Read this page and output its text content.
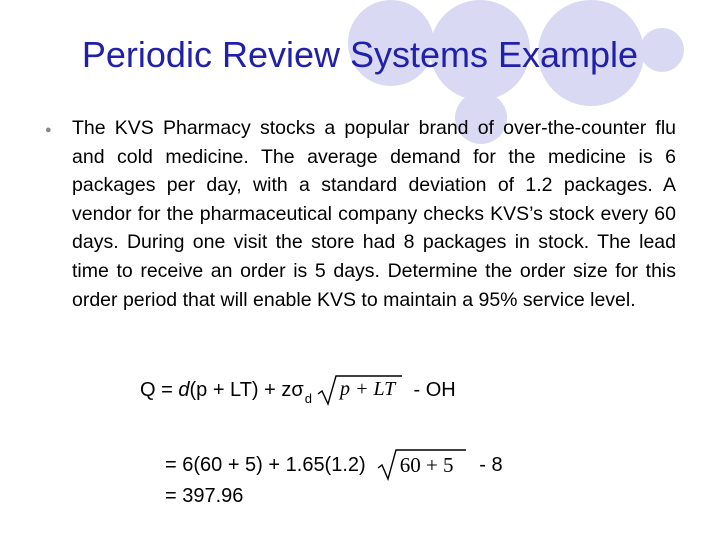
Periodic Review Systems Example
● The KVS Pharmacy stocks a popular brand of over-the-counter flu and cold medicine. The average demand for the medicine is 6 packages per day, with a standard deviation of 1.2 packages. A vendor for the pharmaceutical company checks KVS’s stock every 60 days. During one visit the store had 8 packages in stock. The lead time to receive an order is 5 days. Determine the order size for this order period that will enable KVS to maintain a 95% service level.
Q = d (p + LT) + zσ d p + LT - OH
= 6(60 + 5) + 1.65(1.2) 60 + 5 - 8
= 397.96
